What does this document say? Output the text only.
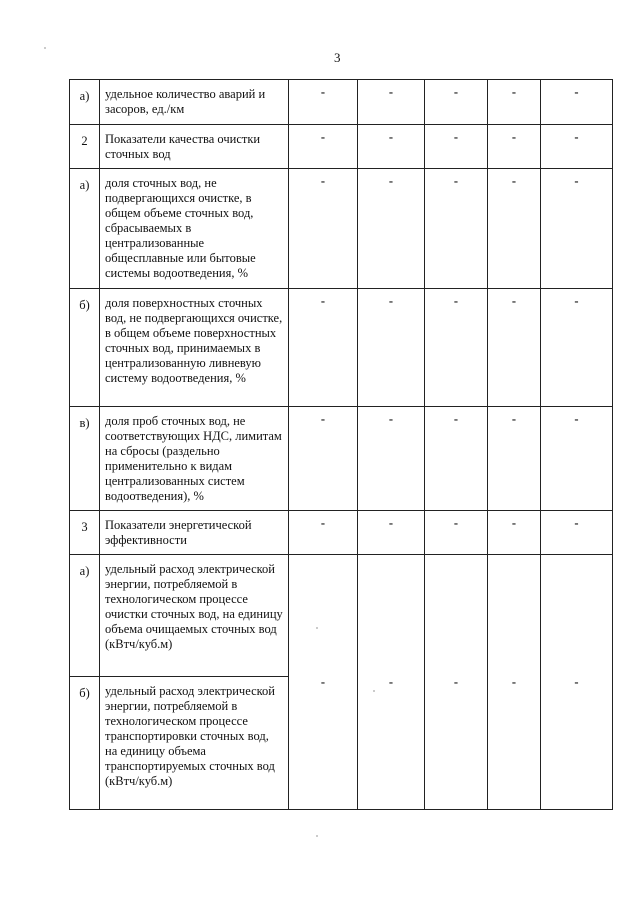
3
а)	удельное количество аварий и засоров, ед./км	-	-	-	-	-
2	Показатели качества очистки сточных вод	-	-	-	-	-
а)	доля сточных вод, не подвергающихся очистке, в общем объеме сточных вод, сбрасываемых в централизованные общесплавные или бытовые системы водоотведения, %	-	-	-	-	-
б)	доля поверхностных сточных вод, не подвергающихся очистке, в общем объеме поверхностных сточных вод, принимаемых в централизованную ливневую систему водоотведения, %	-	-	-	-	-
в)	доля проб сточных вод, не соответствующих НДС, лимитам на сбросы (раздельно применительно к видам централизованных систем водоотведения), %	-	-	-	-	-
3	Показатели энергетической эффективности	-	-	-	-	-
а)	удельный расход электрической энергии, потребляемой в технологическом процессе очистки сточных вод, на единицу объема очищаемых сточных вод (кВтч/куб.м)	-	-	-	-	-
б)	удельный расход электрической энергии, потребляемой в технологическом процессе транспортировки сточных вод, на единицу объема транспортируемых сточных вод (кВтч/куб.м)					
